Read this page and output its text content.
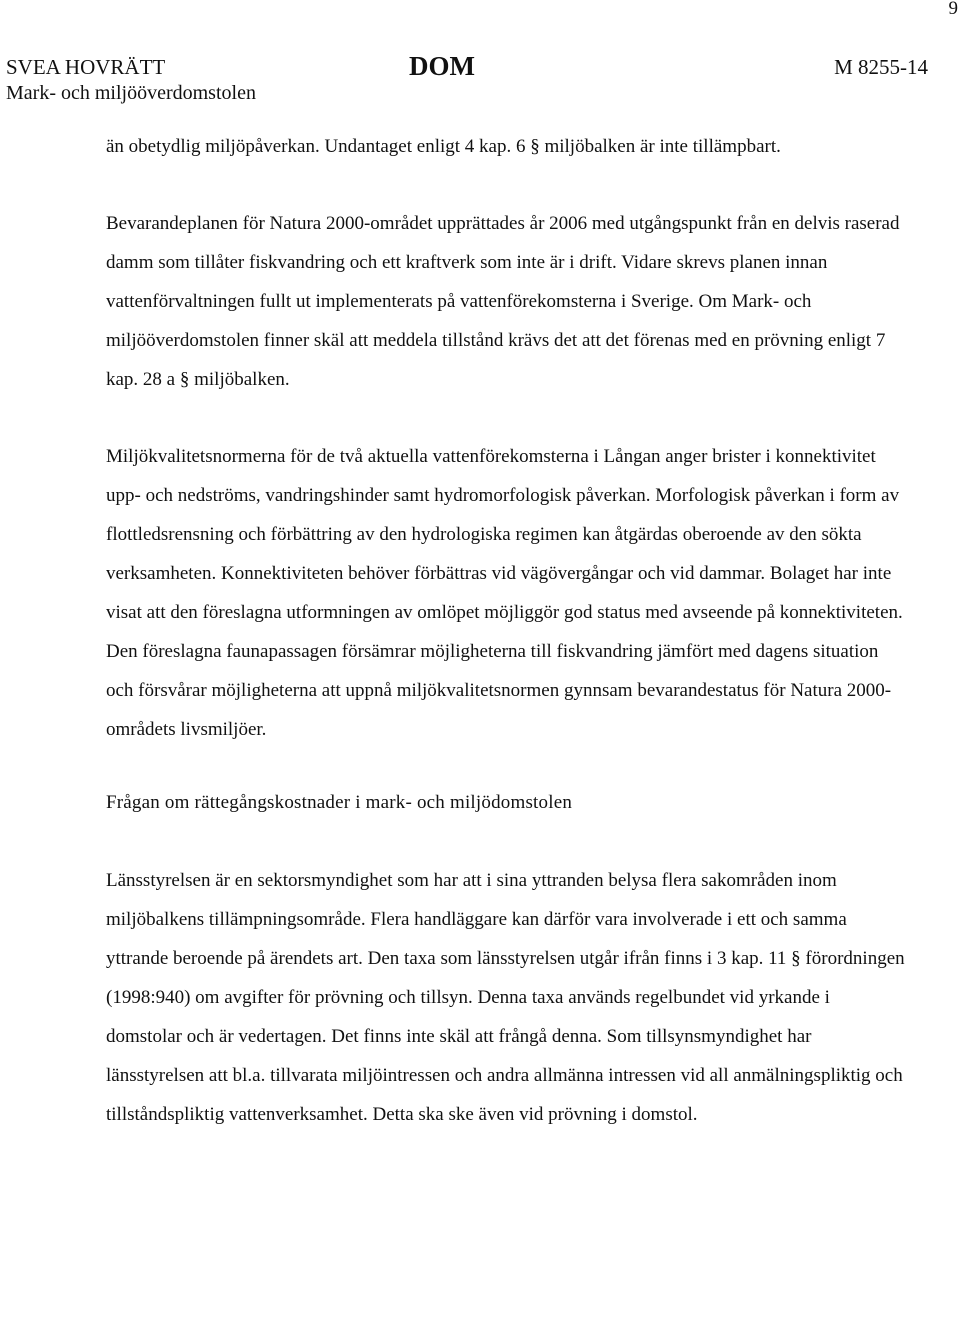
9
SVEA HOVRÄTT
Mark- och miljööverdomstolen
DOM	M 8255-14

än obetydlig miljöpåverkan. Undantaget enligt 4 kap. 6 § miljöbalken är inte tillämpbart.

Bevarandeplanen för Natura 2000-området upprättades år 2006 med utgångspunkt från en delvis raserad damm som tillåter fiskvandring och ett kraftverk som inte är i drift. Vidare skrevs planen innan vattenförvaltningen fullt ut implementerats på vattenförekomsterna i Sverige. Om Mark- och miljööverdomstolen finner skäl att meddela tillstånd krävs det att det förenas med en prövning enligt 7 kap. 28 a § miljöbalken.

Miljökvalitetsnormerna för de två aktuella vattenförekomsterna i Långan anger brister i konnektivitet upp- och nedströms, vandringshinder samt hydromorfologisk påverkan. Morfologisk påverkan i form av flottledsrensning och förbättring av den hydrologiska regimen kan åtgärdas oberoende av den sökta verksamheten. Konnektiviteten behöver förbättras vid vägövergångar och vid dammar. Bolaget har inte visat att den föreslagna utformningen av omlöpet möjliggör god status med avseende på konnektiviteten. Den föreslagna faunapassagen försämrar möjligheterna till fiskvandring jämfört med dagens situation och försvårar möjligheterna att uppnå miljökvalitetsnormen gynnsam bevarandestatus för Natura 2000-områdets livsmiljöer.

Frågan om rättegångskostnader i mark- och miljödomstolen

Länsstyrelsen är en sektorsmyndighet som har att i sina yttranden belysa flera sakområden inom miljöbalkens tillämpningsområde. Flera handläggare kan därför vara involverade i ett och samma yttrande beroende på ärendets art. Den taxa som länsstyrelsen utgår ifrån finns i 3 kap. 11 § förordningen (1998:940) om avgifter för prövning och tillsyn. Denna taxa används regelbundet vid yrkande i domstolar och är vedertagen. Det finns inte skäl att frångå denna. Som tillsynsmyndighet har länsstyrelsen att bl.a. tillvarata miljöintressen och andra allmänna intressen vid all anmälningspliktig och tillståndspliktig vattenverksamhet. Detta ska ske även vid prövning i domstol.
